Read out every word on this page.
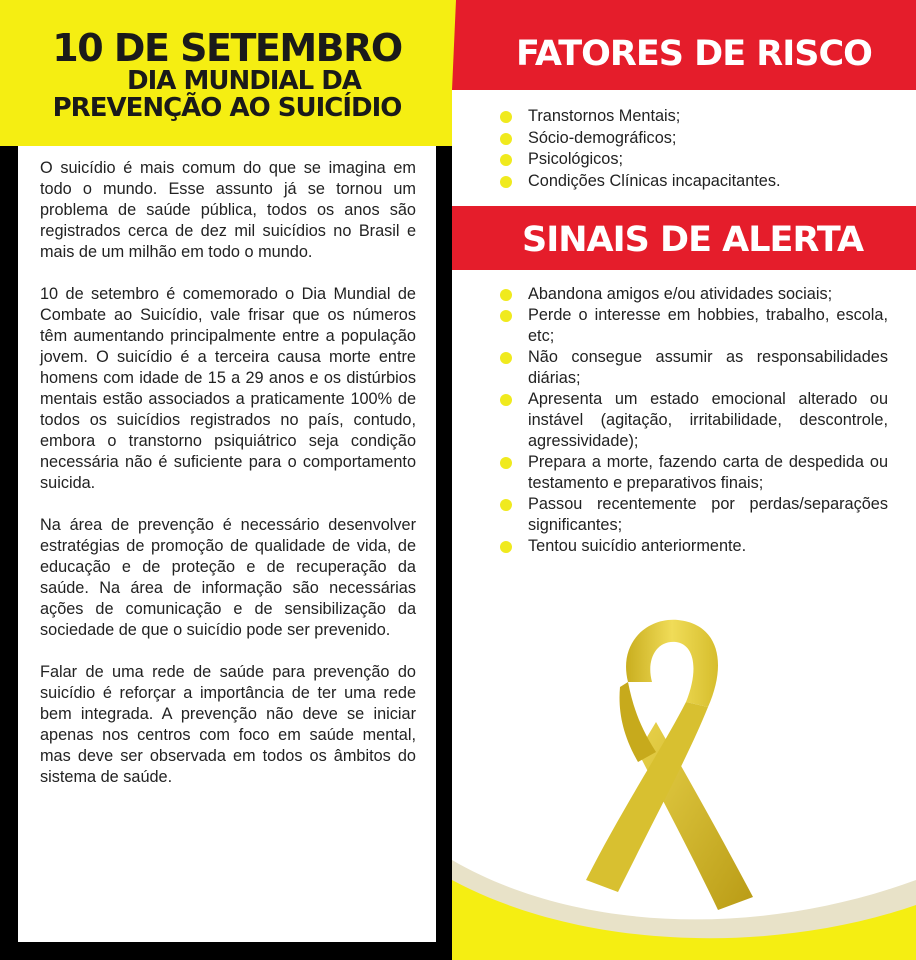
10 DE SETEMBRO
DIA MUNDIAL DA
PREVENÇÃO AO SUICÍDIO

O suicídio é mais comum do que se imagina em todo o mundo. Esse assunto já se tornou um problema de saúde pública, todos os anos são registrados cerca de dez mil suicídios no Brasil e mais de um milhão em todo o mundo.

10 de setembro é comemorado o Dia Mundial de Combate ao Suicídio, vale frisar que os números têm aumentando principalmente entre a população jovem. O suicídio é a terceira causa morte entre homens com idade de 15 a 29 anos e os distúrbios mentais estão associados a praticamente 100% de todos os suicídios registrados no país, contudo, embora o transtorno psiquiátrico seja condição necessária não é suficiente para o comportamento suicida.

Na área de prevenção é necessário desenvolver estratégias de promoção de qualidade de vida, de educação e de proteção e de recuperação da saúde. Na área de informação são necessárias ações de comunicação e de sensibilização da sociedade de que o suicídio pode ser prevenido.

Falar de uma rede de saúde para prevenção do suicídio é reforçar a importância de ter uma rede bem integrada. A prevenção não deve se iniciar apenas nos centros com foco em saúde mental, mas deve ser observada em todos os âmbitos do sistema de saúde.

FATORES DE RISCO
Transtornos Mentais;
Sócio-demográficos;
Psicológicos;
Condições Clínicas incapacitantes.
SINAIS DE ALERTA
Abandona amigos e/ou atividades sociais;
Perde o interesse em hobbies, trabalho, escola, etc;
Não consegue assumir as responsabilidades diárias;
Apresenta um estado emocional alterado ou instável (agitação, irritabilidade, descontrole, agressividade);
Prepara a morte, fazendo carta de despedida ou testamento e preparativos finais;
Passou recentemente por perdas/separações significantes;
Tentou suicídio anteriormente.
